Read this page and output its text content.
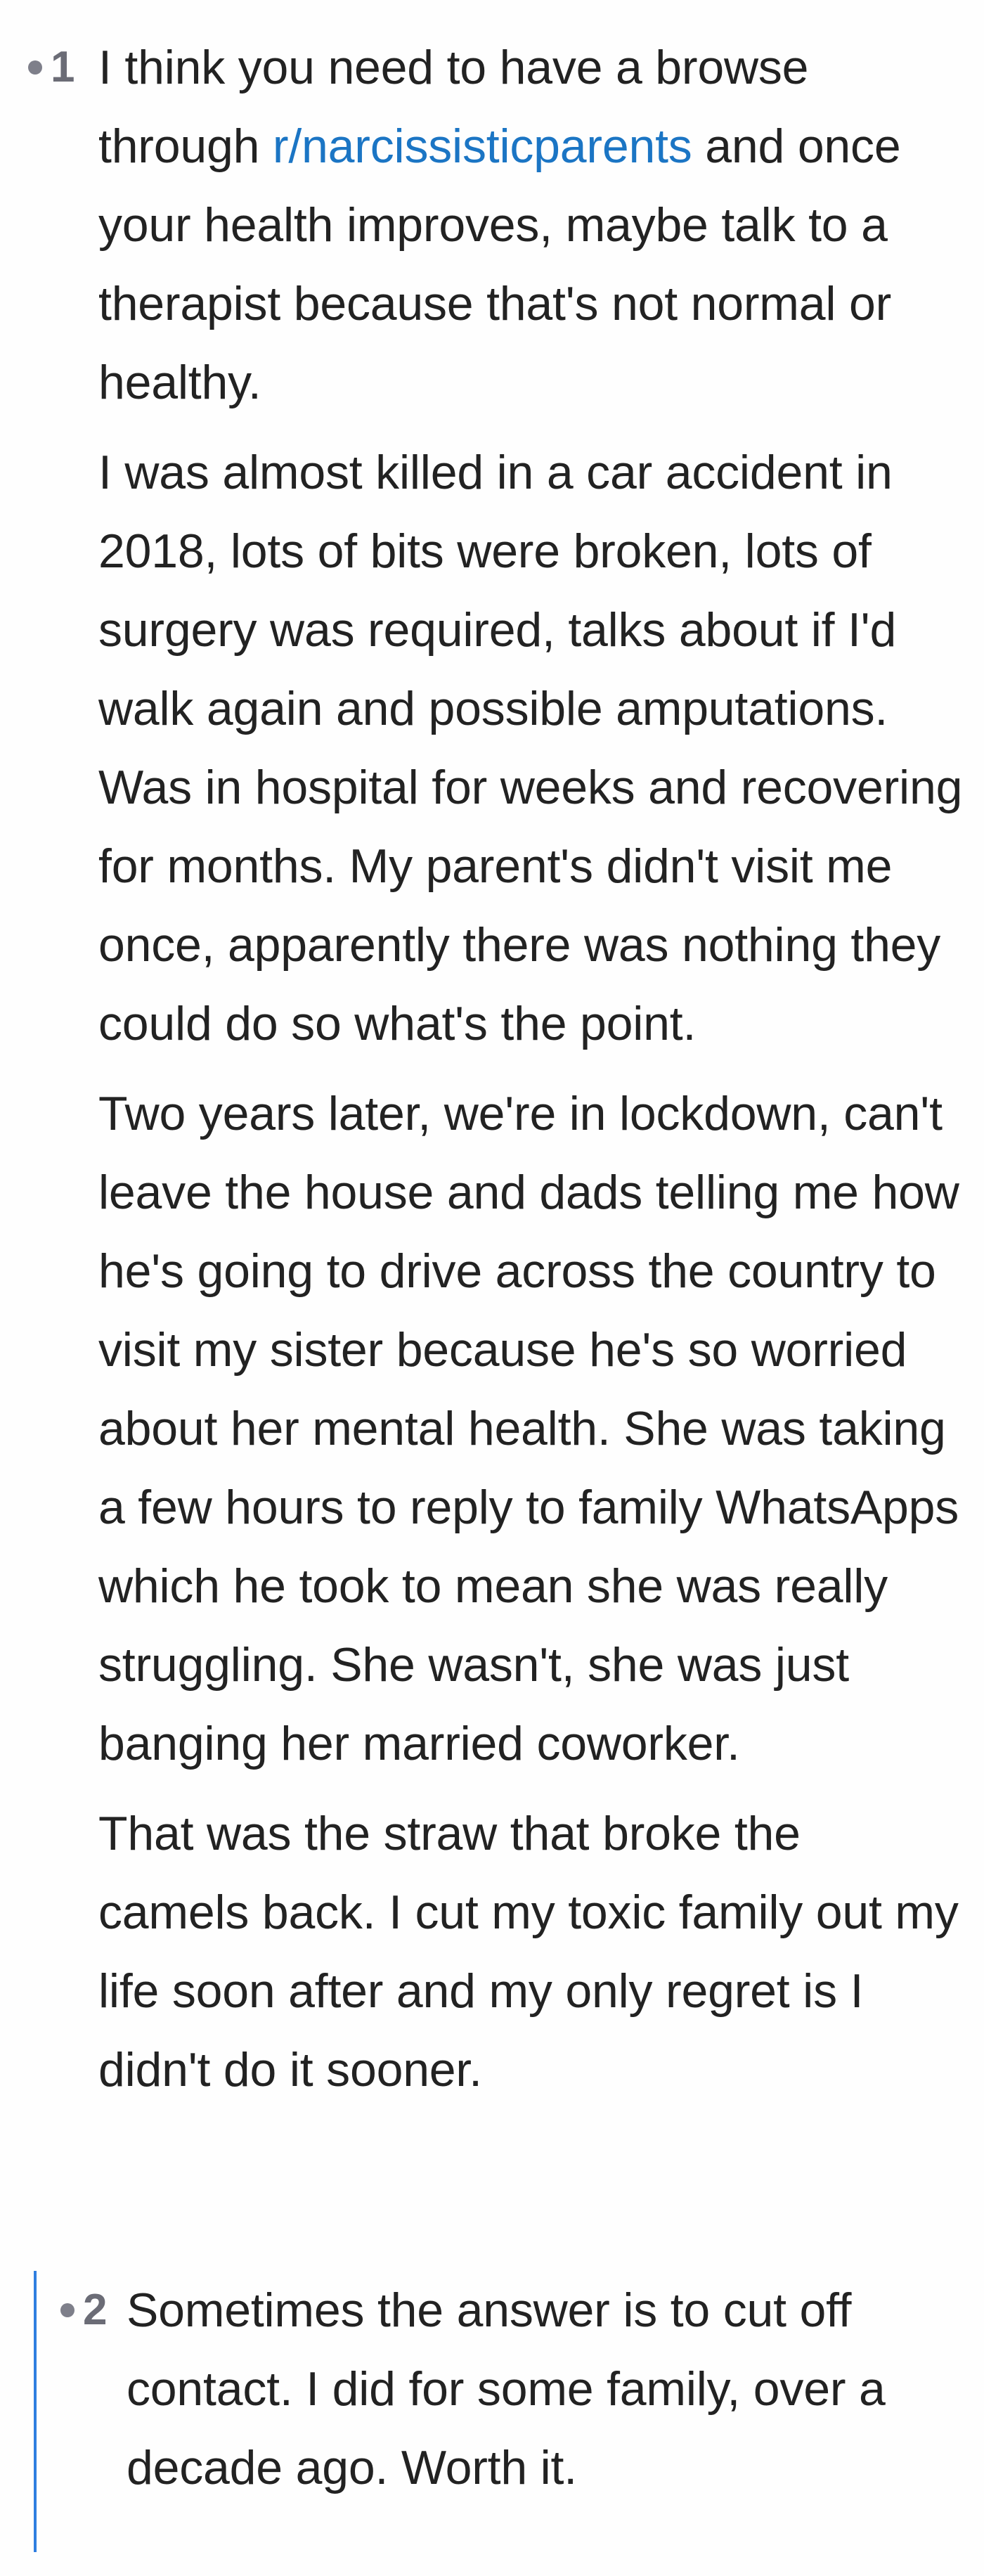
1 I think you need to have a browse through r/narcissisticparents and once your health improves, maybe talk to a therapist because that's not normal or healthy.

I was almost killed in a car accident in 2018, lots of bits were broken, lots of surgery was required, talks about if I'd walk again and possible amputations. Was in hospital for weeks and recovering for months. My parent's didn't visit me once, apparently there was nothing they could do so what's the point.

Two years later, we're in lockdown, can't leave the house and dads telling me how he's going to drive across the country to visit my sister because he's so worried about her mental health. She was taking a few hours to reply to family WhatsApps which he took to mean she was really struggling. She wasn't, she was just banging her married coworker.

That was the straw that broke the camels back. I cut my toxic family out my life soon after and my only regret is I didn't do it sooner.

2 Sometimes the answer is to cut off contact. I did for some family, over a decade ago. Worth it.
